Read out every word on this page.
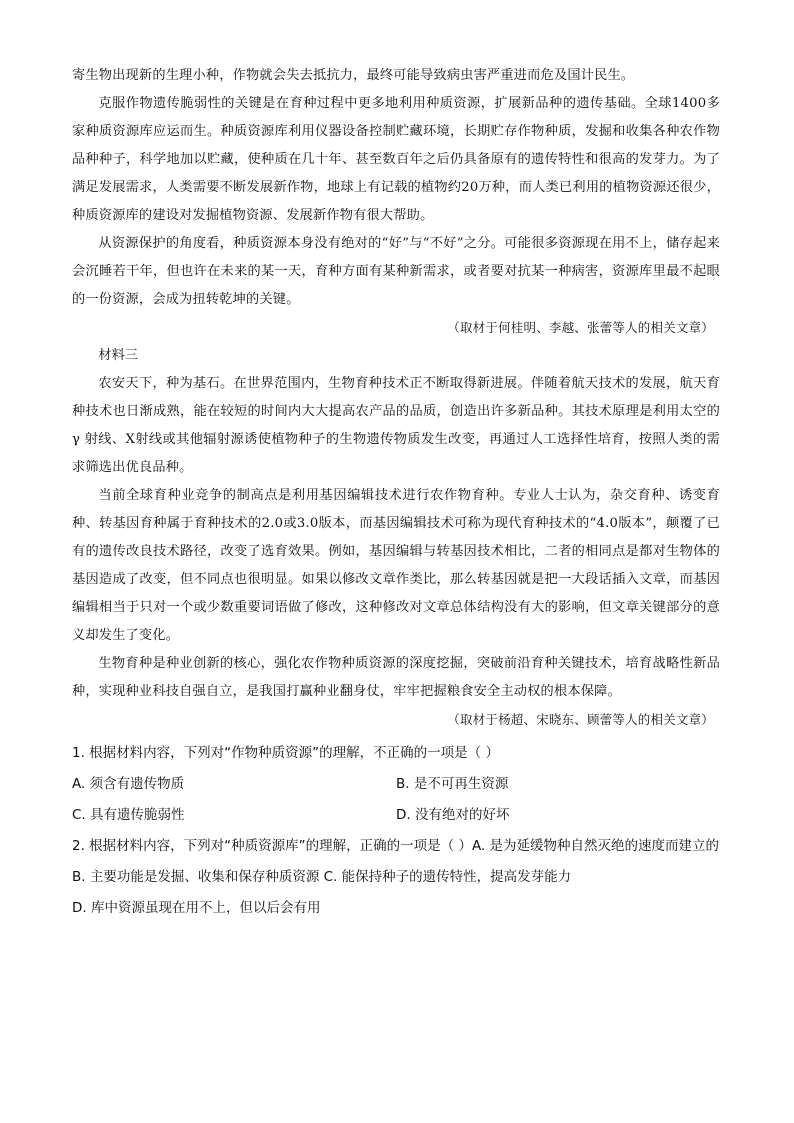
寄生物出现新的生理小种，作物就会失去抵抗力，最终可能导致病虫害严重进而危及国计民生。

克服作物遗传脆弱性的关键是在育种过程中更多地利用种质资源，扩展新品种的遗传基础。全球1400多家种质资源库应运而生。种质资源库利用仪器设备控制贮藏环境，长期贮存作物种质，发掘和收集各种农作物品种种子，科学地加以贮藏，使种质在几十年、甚至数百年之后仍具备原有的遗传特性和很高的发芽力。为了满足发展需求，人类需要不断发展新作物，地球上有记载的植物约20万种，而人类已利用的植物资源还很少，种质资源库的建设对发掘植物资源、发展新作物有很大帮助。

从资源保护的角度看，种质资源本身没有绝对的“好”与“不好”之分。可能很多资源现在用不上，储存起来会沉睡若干年，但也许在未来的某一天，育种方面有某种新需求，或者要对抗某一种病害，资源库里最不起眼的一份资源，会成为扭转乾坤的关键。

（取材于何桂明、李越、张蕾等人的相关文章）

材料三

农安天下，种为基石。在世界范围内，生物育种技术正不断取得新进展。伴随着航天技术的发展，航天育种技术也日渐成熟，能在较短的时间内大大提高农产品的品质，创造出许多新品种。其技术原理是利用太空的 γ 射线、X射线或其他辐射源诱使植物种子的生物遗传物质发生改变，再通过人工选择性培育，按照人类的需求筛选出优良品种。

当前全球育种业竞争的制高点是利用基因编辑技术进行农作物育种。专业人士认为，杂交育种、诱变育种、转基因育种属于育种技术的2.0或3.0版本，而基因编辑技术可称为现代育种技术的“4.0版本”，颠覆了已有的遗传改良技术路径，改变了选育效果。例如，基因编辑与转基因技术相比，二者的相同点是都对生物体的基因造成了改变，但不同点也很明显。如果以修改文章作类比，那么转基因就是把一大段话插入文章，而基因编辑相当于只对一个或少数重要词语做了修改，这种修改对文章总体结构没有大的影响，但文章关键部分的意义却发生了变化。

生物育种是种业创新的核心，强化农作物种质资源的深度挖掘，突破前沿育种关键技术，培育战略性新品种，实现种业科技自强自立，是我国打赢种业翻身仗，牢牢把握粮食安全主动权的根本保障。

（取材于杨超、宋晓东、顾蕾等人的相关文章）

1. 根据材料内容，下列对“作物种质资源”的理解，不正确的一项是（ ）

A. 须含有遗传物质	B. 是不可再生资源
C. 具有遗传脆弱性	D. 没有绝对的好坏

2. 根据材料内容，下列对“种质资源库”的理解，正确的一项是（ ）A. 是为延缓物种自然灭绝的速度而建立的

B. 主要功能是发掘、收集和保存种质资源 C. 能保持种子的遗传特性，提高发芽能力

D. 库中资源虽现在用不上，但以后会有用
